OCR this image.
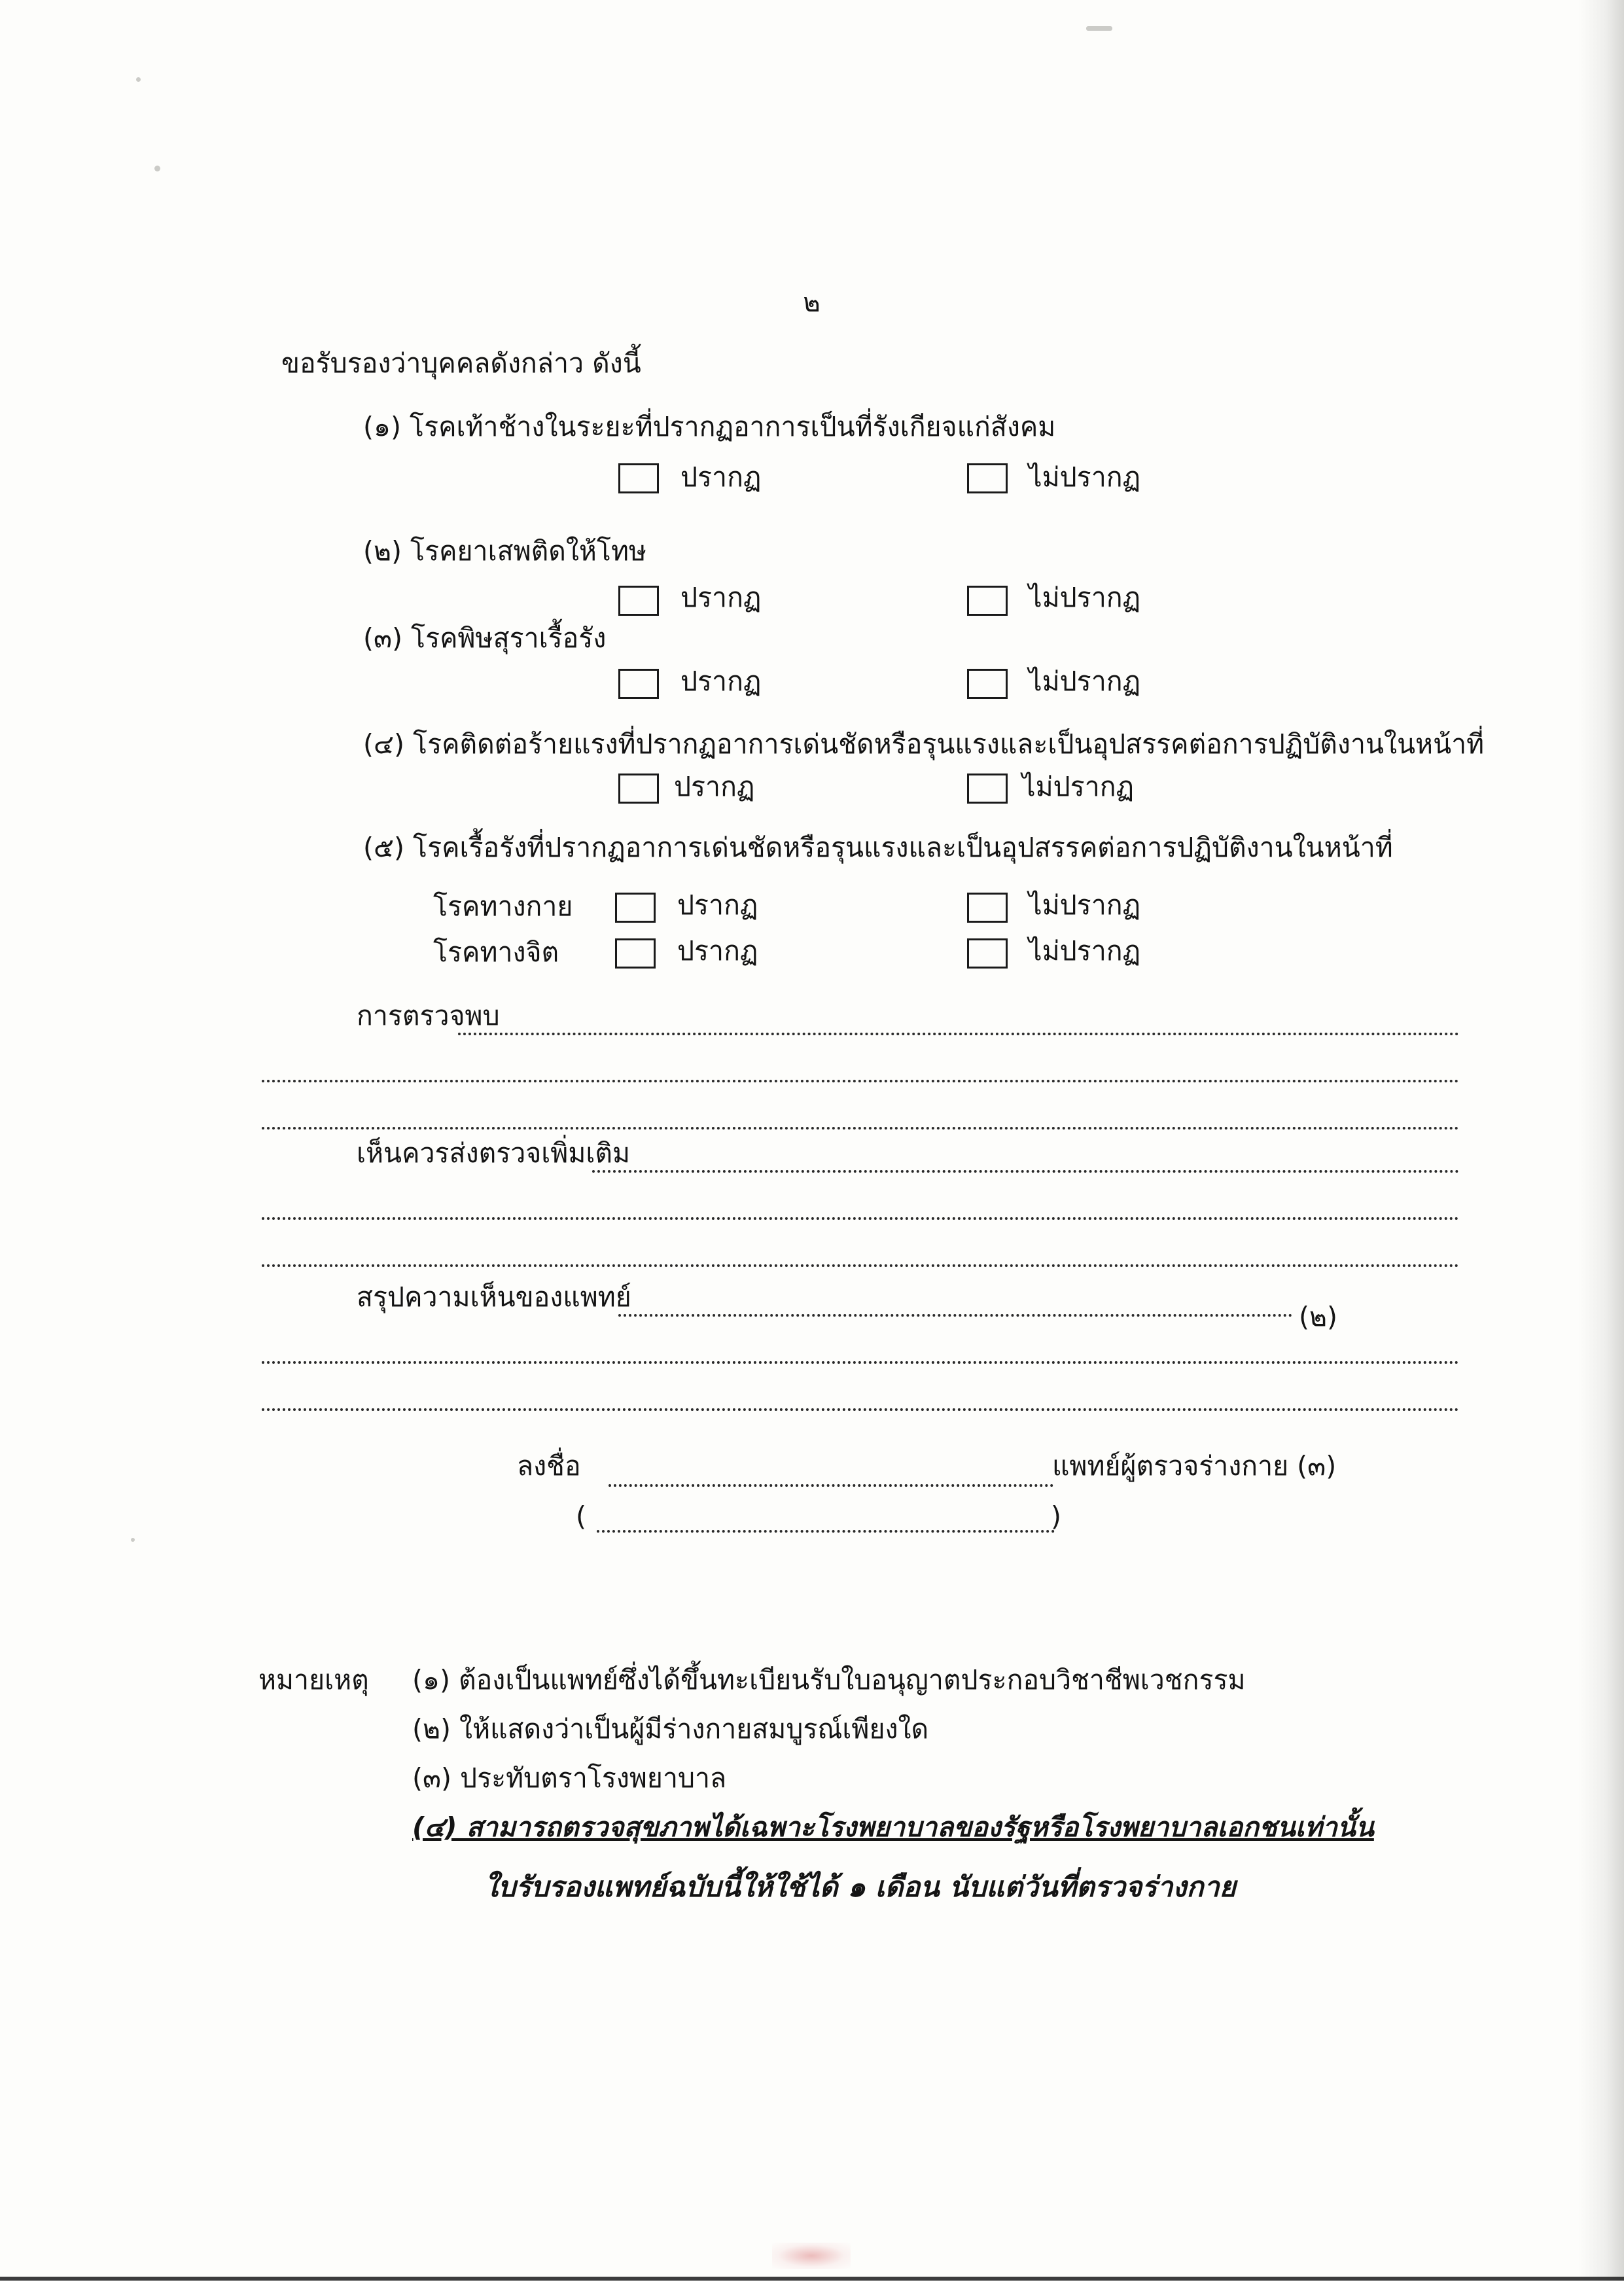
๒
ขอรับรองว่าบุคคลดังกล่าว ดังนี้
(๑) โรคเท้าช้างในระยะที่ปรากฏอาการเป็นที่รังเกียจแก่สังคม
ปรากฏ	ไม่ปรากฏ
(๒) โรคยาเสพติดให้โทษ
ปรากฏ	ไม่ปรากฏ
(๓) โรคพิษสุราเรื้อรัง
ปรากฏ	ไม่ปรากฏ
(๔) โรคติดต่อร้ายแรงที่ปรากฏอาการเด่นชัดหรือรุนแรงและเป็นอุปสรรคต่อการปฏิบัติงานในหน้าที่
ปรากฏ	ไม่ปรากฏ
(๕) โรคเรื้อรังที่ปรากฏอาการเด่นชัดหรือรุนแรงและเป็นอุปสรรคต่อการปฏิบัติงานในหน้าที่
โรคทางกาย	ปรากฏ	ไม่ปรากฏ
โรคทางจิต	ปรากฏ	ไม่ปรากฏ
การตรวจพบ
เห็นควรส่งตรวจเพิ่มเติม
สรุปความเห็นของแพทย์
(๒)
ลงชื่อ	แพทย์ผู้ตรวจร่างกาย (๓)
(	)
หมายเหตุ (๑) ต้องเป็นแพทย์ซึ่งได้ขึ้นทะเบียนรับใบอนุญาตประกอบวิชาชีพเวชกรรม
(๒) ให้แสดงว่าเป็นผู้มีร่างกายสมบูรณ์เพียงใด
(๓) ประทับตราโรงพยาบาล
(๔) สามารถตรวจสุขภาพได้เฉพาะโรงพยาบาลของรัฐหรือโรงพยาบาลเอกชนเท่านั้น
ใบรับรองแพทย์ฉบับนี้ให้ใช้ได้ ๑ เดือน นับแต่วันที่ตรวจร่างกาย
